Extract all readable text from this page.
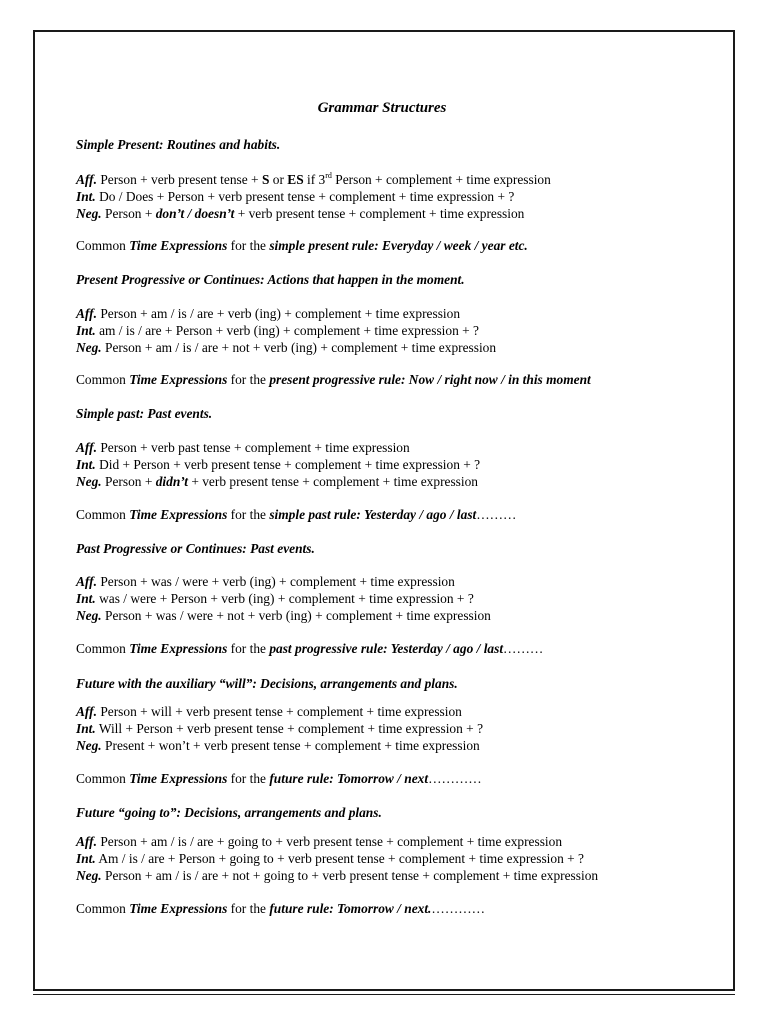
Grammar Structures
Simple Present: Routines and habits.
Aff. Person + verb present tense + S or ES if 3rd Person + complement + time expression
Int. Do / Does + Person + verb present tense + complement + time expression + ?
Neg. Person + don’t / doesn’t + verb present tense + complement + time expression
Common Time Expressions for the simple present rule: Everyday / week / year etc.
Present Progressive or Continues: Actions that happen in the moment.
Aff. Person + am / is / are + verb (ing) + complement + time expression
Int. am / is / are + Person + verb (ing) + complement + time expression + ?
Neg. Person + am / is / are + not + verb (ing) + complement + time expression
Common Time Expressions for the present progressive rule: Now / right now / in this moment
Simple past: Past events.
Aff. Person + verb past tense + complement + time expression
Int. Did + Person + verb present tense + complement + time expression + ?
Neg. Person + didn’t + verb present tense + complement + time expression
Common Time Expressions for the simple past rule: Yesterday / ago / last………
Past Progressive or Continues: Past events.
Aff. Person + was / were + verb (ing) + complement + time expression
Int. was / were + Person + verb (ing) + complement + time expression + ?
Neg. Person + was / were + not + verb (ing) + complement + time expression
Common Time Expressions for the past progressive rule: Yesterday / ago / last………
Future with the auxiliary “will”: Decisions, arrangements and plans.
Aff. Person + will + verb present tense + complement + time expression
Int. Will + Person + verb present tense + complement + time expression + ?
Neg. Present + won’t + verb present tense + complement + time expression
Common Time Expressions for the future rule: Tomorrow / next…………
Future “going to”: Decisions, arrangements and plans.
Aff. Person + am / is / are + going to + verb present tense + complement + time expression
Int. Am / is / are + Person + going to + verb present tense + complement + time expression + ?
Neg. Person + am / is / are + not + going to + verb present tense + complement + time expression
Common Time Expressions for the future rule: Tomorrow / next.…………
